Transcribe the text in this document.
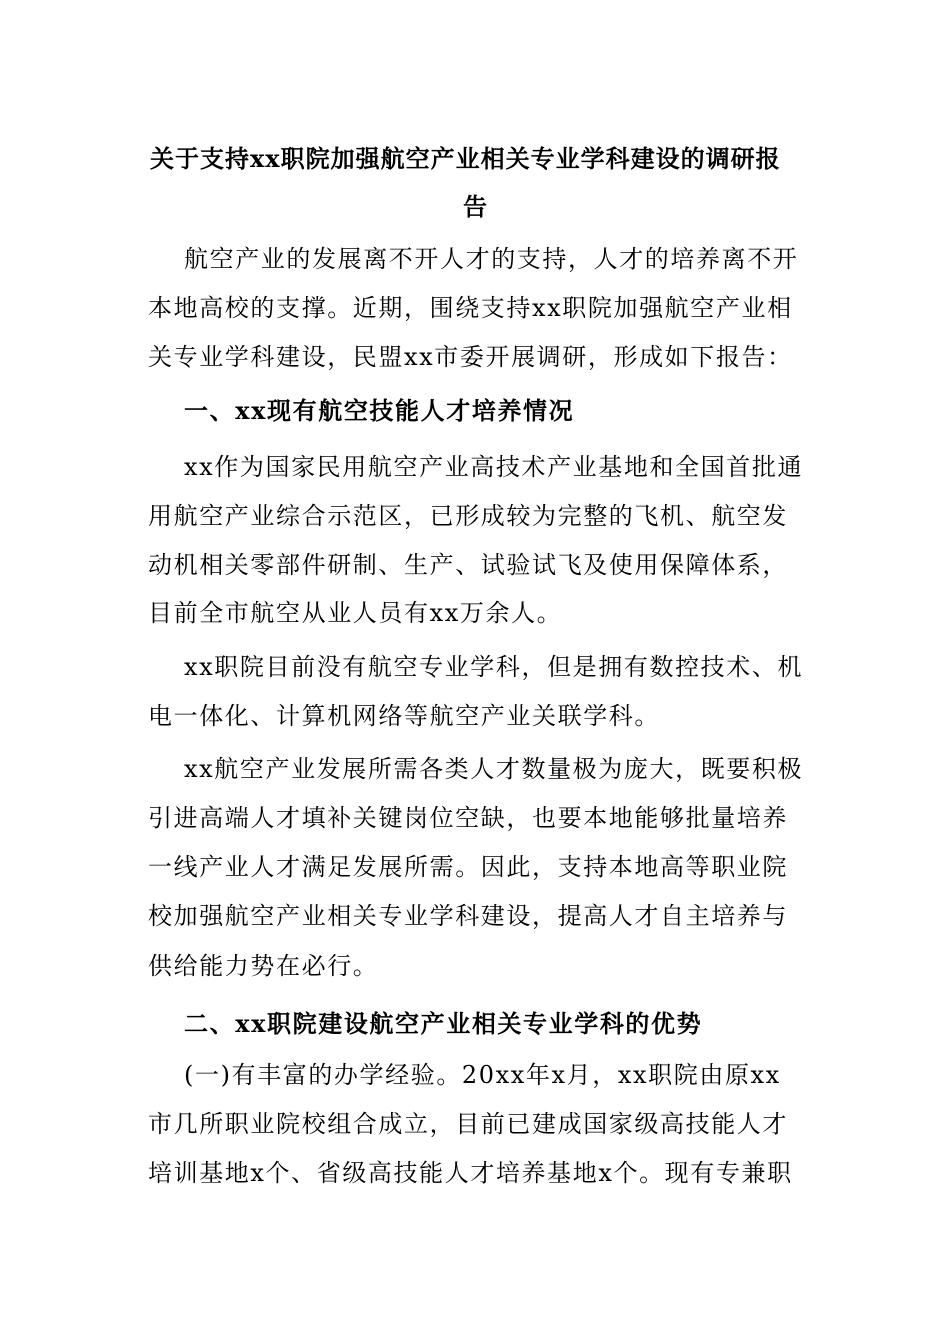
关于支持xx职院加强航空产业相关专业学科建设的调研报
告
航空产业的发展离不开人才的支持，人才的培养离不开
本地高校的支撑。近期，围绕支持xx职院加强航空产业相
关专业学科建设，民盟xx市委开展调研，形成如下报告：
一、xx现有航空技能人才培养情况
xx作为国家民用航空产业高技术产业基地和全国首批通
用航空产业综合示范区，已形成较为完整的飞机、航空发
动机相关零部件研制、生产、试验试飞及使用保障体系，
目前全市航空从业人员有xx万余人。
xx职院目前没有航空专业学科，但是拥有数控技术、机
电一体化、计算机网络等航空产业关联学科。
xx航空产业发展所需各类人才数量极为庞大，既要积极
引进高端人才填补关键岗位空缺，也要本地能够批量培养
一线产业人才满足发展所需。因此，支持本地高等职业院
校加强航空产业相关专业学科建设，提高人才自主培养与
供给能力势在必行。
二、xx职院建设航空产业相关专业学科的优势
(一)有丰富的办学经验。20xx年x月，xx职院由原xx
市几所职业院校组合成立，目前已建成国家级高技能人才
培训基地x个、省级高技能人才培养基地x个。现有专兼职
